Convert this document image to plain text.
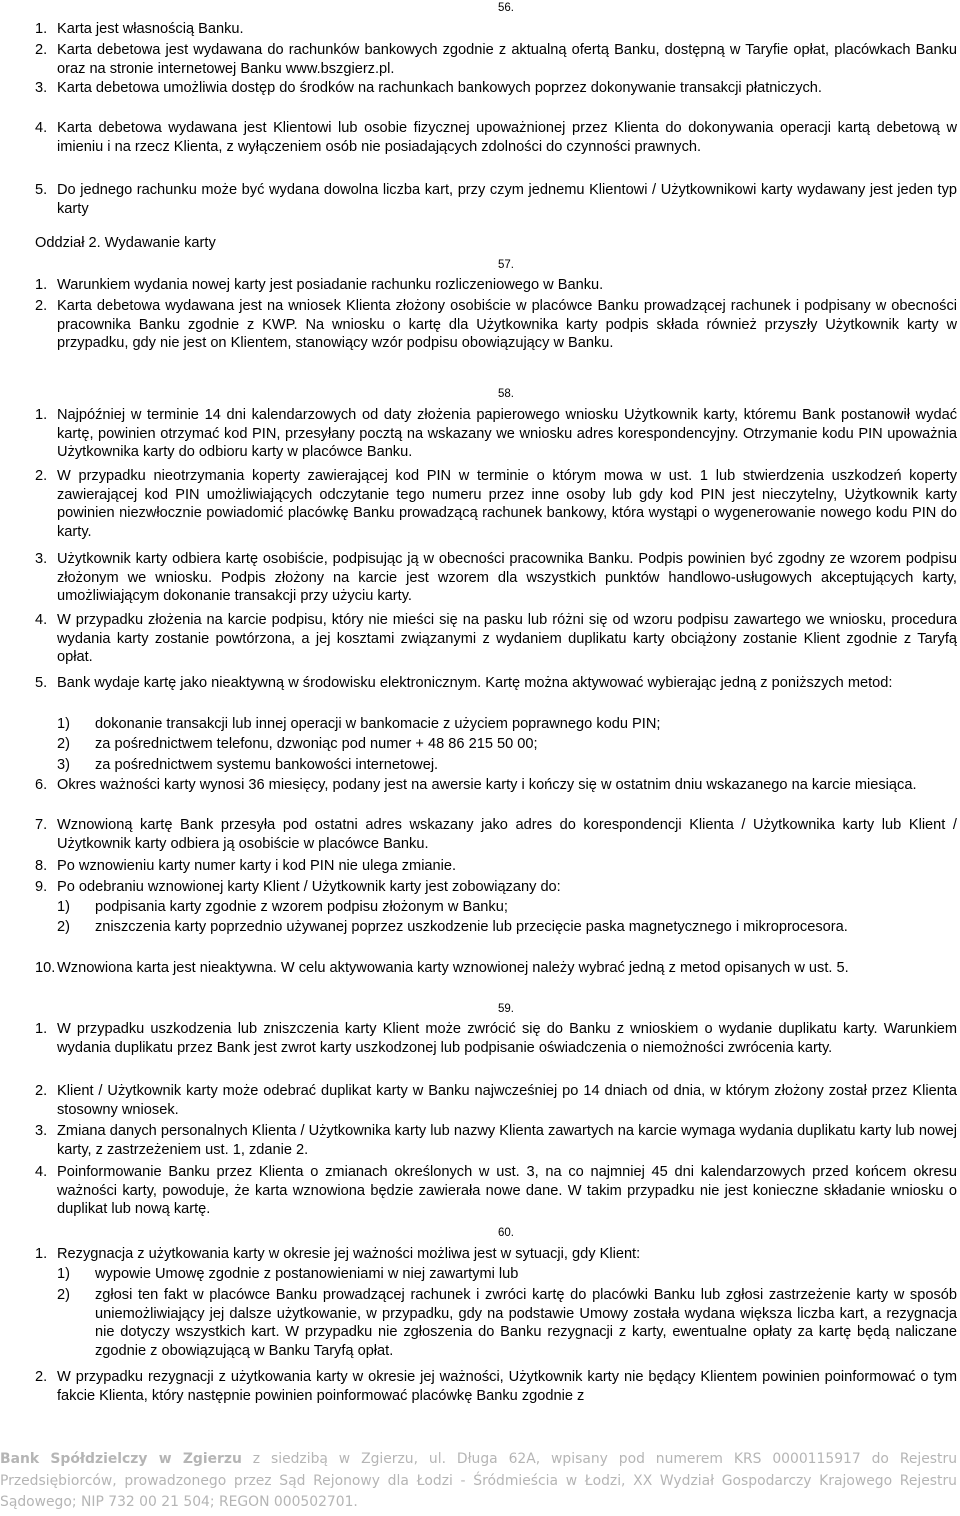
56.
1. Karta jest własnością Banku.
2. Karta debetowa jest wydawana do rachunków bankowych zgodnie z aktualną ofertą Banku, dostępną w Taryfie opłat, placówkach Banku oraz na stronie internetowej Banku www.bszgierz.pl.
3. Karta debetowa umożliwia dostęp do środków na rachunkach bankowych poprzez dokonywanie transakcji płatniczych.
4. Karta debetowa wydawana jest Klientowi lub osobie fizycznej upoważnionej przez Klienta do dokonywania operacji kartą debetową w imieniu i na rzecz Klienta, z wyłączeniem osób nie posiadających zdolności do czynności prawnych.
5. Do jednego rachunku może być wydana dowolna liczba kart, przy czym jednemu Klientowi / Użytkownikowi karty wydawany jest jeden typ karty
Oddział 2. Wydawanie karty
57.
1. Warunkiem wydania nowej karty jest posiadanie rachunku rozliczeniowego w Banku.
2. Karta debetowa wydawana jest na wniosek Klienta złożony osobiście w placówce Banku prowadzącej rachunek i podpisany w obecności pracownika Banku zgodnie z KWP. Na wniosku o kartę dla Użytkownika karty podpis składa również przyszły Użytkownik karty w przypadku, gdy nie jest on Klientem, stanowiący wzór podpisu obowiązujący w Banku.
58.
1. Najpóźniej w terminie 14 dni kalendarzowych od daty złożenia papierowego wniosku Użytkownik karty, któremu Bank postanowił wydać kartę, powinien otrzymać kod PIN, przesyłany pocztą na wskazany we wniosku adres korespondencyjny. Otrzymanie kodu PIN upoważnia Użytkownika karty do odbioru karty w placówce Banku.
2. W przypadku nieotrzymania koperty zawierającej kod PIN w terminie o którym mowa w ust. 1 lub stwierdzenia uszkodzeń koperty zawierającej kod PIN umożliwiających odczytanie tego numeru przez inne osoby lub gdy kod PIN jest nieczytelny, Użytkownik karty powinien niezwłocznie powiadomić placówkę Banku prowadzącą rachunek bankowy, która wystąpi o wygenerowanie nowego kodu PIN do karty.
3. Użytkownik karty odbiera kartę osobiście, podpisując ją w obecności pracownika Banku. Podpis powinien być zgodny ze wzorem podpisu złożonym we wniosku. Podpis złożony na karcie jest wzorem dla wszystkich punktów handlowo-usługowych akceptujących karty, umożliwiającym dokonanie transakcji przy użyciu karty.
4. W przypadku złożenia na karcie podpisu, który nie mieści się na pasku lub różni się od wzoru podpisu zawartego we wniosku, procedura wydania karty zostanie powtórzona, a jej kosztami związanymi z wydaniem duplikatu karty obciążony zostanie Klient zgodnie z Taryfą opłat.
5. Bank wydaje kartę jako nieaktywną w środowisku elektronicznym. Kartę można aktywować wybierając jedną z poniższych metod:
1) dokonanie transakcji lub innej operacji w bankomacie z użyciem poprawnego kodu PIN;
2) za pośrednictwem telefonu, dzwoniąc pod numer + 48 86 215 50 00;
3) za pośrednictwem systemu bankowości internetowej.
6. Okres ważności karty wynosi 36 miesięcy, podany jest na awersie karty i kończy się w ostatnim dniu wskazanego na karcie miesiąca.
7. Wznowioną kartę Bank przesyła pod ostatni adres wskazany jako adres do korespondencji Klienta / Użytkownika karty lub Klient / Użytkownik karty odbiera ją osobiście w placówce Banku.
8. Po wznowieniu karty numer karty i kod PIN nie ulega zmianie.
9. Po odebraniu wznowionej karty Klient / Użytkownik karty jest zobowiązany do:
1) podpisania karty zgodnie z wzorem podpisu złożonym w Banku;
2) zniszczenia karty poprzednio używanej poprzez uszkodzenie lub przecięcie paska magnetycznego i mikroprocesora.
10. Wznowiona karta jest nieaktywna. W celu aktywowania karty wznowionej należy wybrać jedną z metod opisanych w ust. 5.
59.
1. W przypadku uszkodzenia lub zniszczenia karty Klient może zwrócić się do Banku z wnioskiem o wydanie duplikatu karty. Warunkiem wydania duplikatu przez Bank jest zwrot karty uszkodzonej lub podpisanie oświadczenia o niemożności zwrócenia karty.
2. Klient / Użytkownik karty może odebrać duplikat karty w Banku najwcześniej po 14 dniach od dnia, w którym złożony został przez Klienta stosowny wniosek.
3. Zmiana danych personalnych Klienta / Użytkownika karty lub nazwy Klienta zawartych na karcie wymaga wydania duplikatu karty lub nowej karty, z zastrzeżeniem ust. 1, zdanie 2.
4. Poinformowanie Banku przez Klienta o zmianach określonych w ust. 3, na co najmniej 45 dni kalendarzowych przed końcem okresu ważności karty, powoduje, że karta wznowiona będzie zawierała nowe dane. W takim przypadku nie jest konieczne składanie wniosku o duplikat lub nową kartę.
60.
1. Rezygnacja z użytkowania karty w okresie jej ważności możliwa jest w sytuacji, gdy Klient:
1) wypowie Umowę zgodnie z postanowieniami w niej zawartymi lub
2) zgłosi ten fakt w placówce Banku prowadzącej rachunek i zwróci kartę do placówki Banku lub zgłosi zastrzeżenie karty w sposób uniemożliwiający jej dalsze użytkowanie, w przypadku, gdy na podstawie Umowy została wydana większa liczba kart, a rezygnacja nie dotyczy wszystkich kart. W przypadku nie zgłoszenia do Banku rezygnacji z karty, ewentualne opłaty za kartę będą naliczane zgodnie z obowiązującą w Banku Taryfą opłat.
2. W przypadku rezygnacji z użytkowania karty w okresie jej ważności, Użytkownik karty nie będący Klientem powinien poinformować o tym fakcie Klienta, który następnie powinien poinformować placówkę Banku zgodnie z
Bank Spółdzielczy w Zgierzu z siedzibą w Zgierzu, ul. Długa 62A, wpisany pod numerem KRS 0000115917 do Rejestru Przedsiębiorców, prowadzonego przez Sąd Rejonowy dla Łodzi - Śródmieścia w Łodzi, XX Wydział Gospodarczy Krajowego Rejestru Sądowego; NIP 732 00 21 504; REGON 000502701.
